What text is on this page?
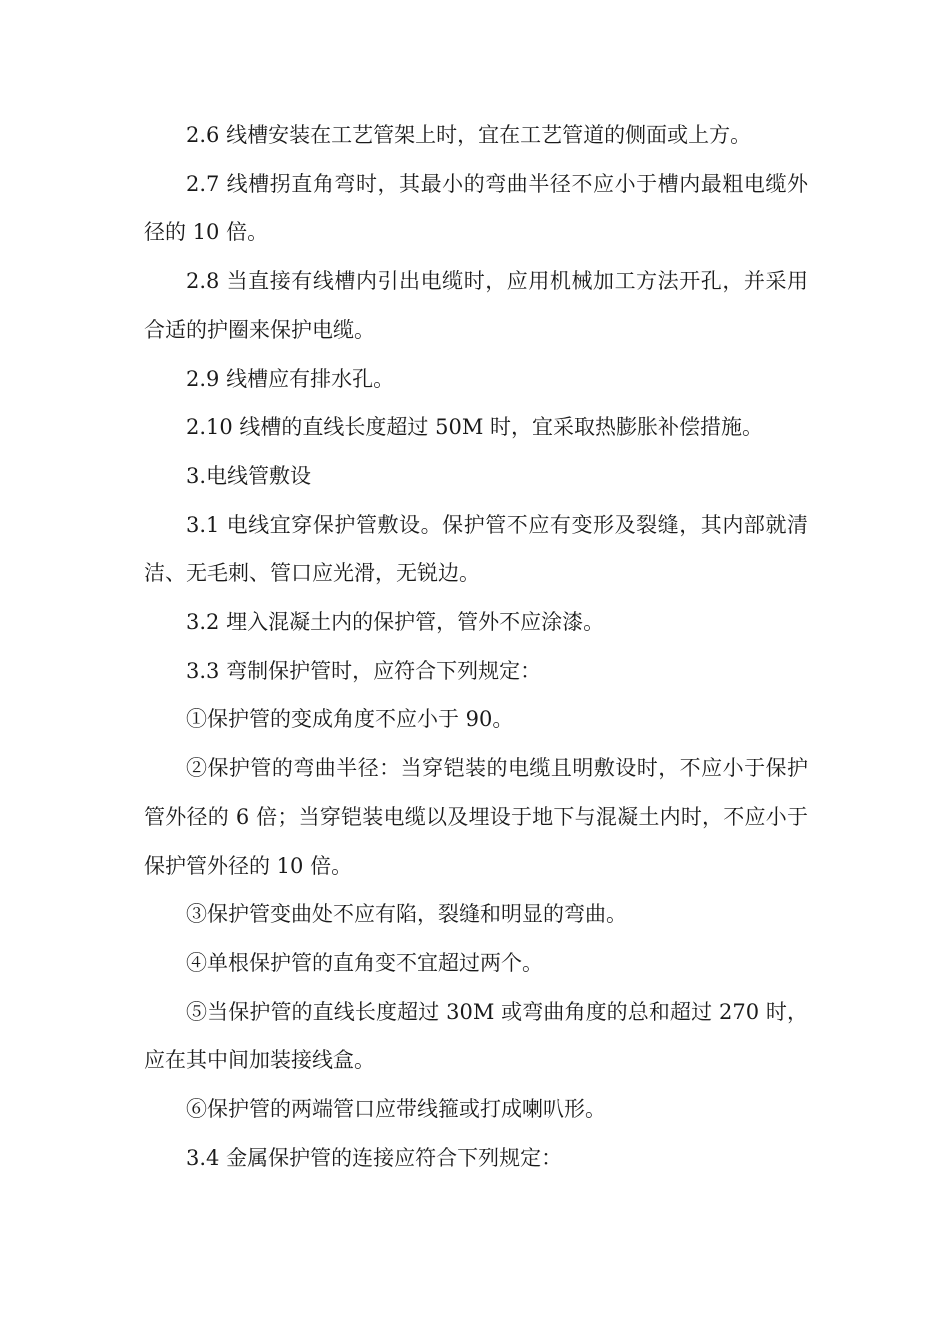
2.6 线槽安装在工艺管架上时，宜在工艺管道的侧面或上方。

2.7 线槽拐直角弯时，其最小的弯曲半径不应小于槽内最粗电缆外径的 10 倍。

2.8 当直接有线槽内引出电缆时，应用机械加工方法开孔，并采用合适的护圈来保护电缆。

2.9 线槽应有排水孔。

2.10 线槽的直线长度超过 50M 时，宜采取热膨胀补偿措施。

3.电线管敷设

3.1 电线宜穿保护管敷设。保护管不应有变形及裂缝，其内部就清洁、无毛刺、管口应光滑，无锐边。

3.2 埋入混凝土内的保护管，管外不应涂漆。

3.3 弯制保护管时，应符合下列规定：

①保护管的变成角度不应小于 90。

②保护管的弯曲半径：当穿铠装的电缆且明敷设时，不应小于保护管外径的 6 倍；当穿铠装电缆以及埋设于地下与混凝土内时，不应小于保护管外径的 10 倍。

③保护管变曲处不应有陷，裂缝和明显的弯曲。

④单根保护管的直角变不宜超过两个。

⑤当保护管的直线长度超过 30M 或弯曲角度的总和超过 270 时，应在其中间加装接线盒。

⑥保护管的两端管口应带线箍或打成喇叭形。

3.4 金属保护管的连接应符合下列规定：
